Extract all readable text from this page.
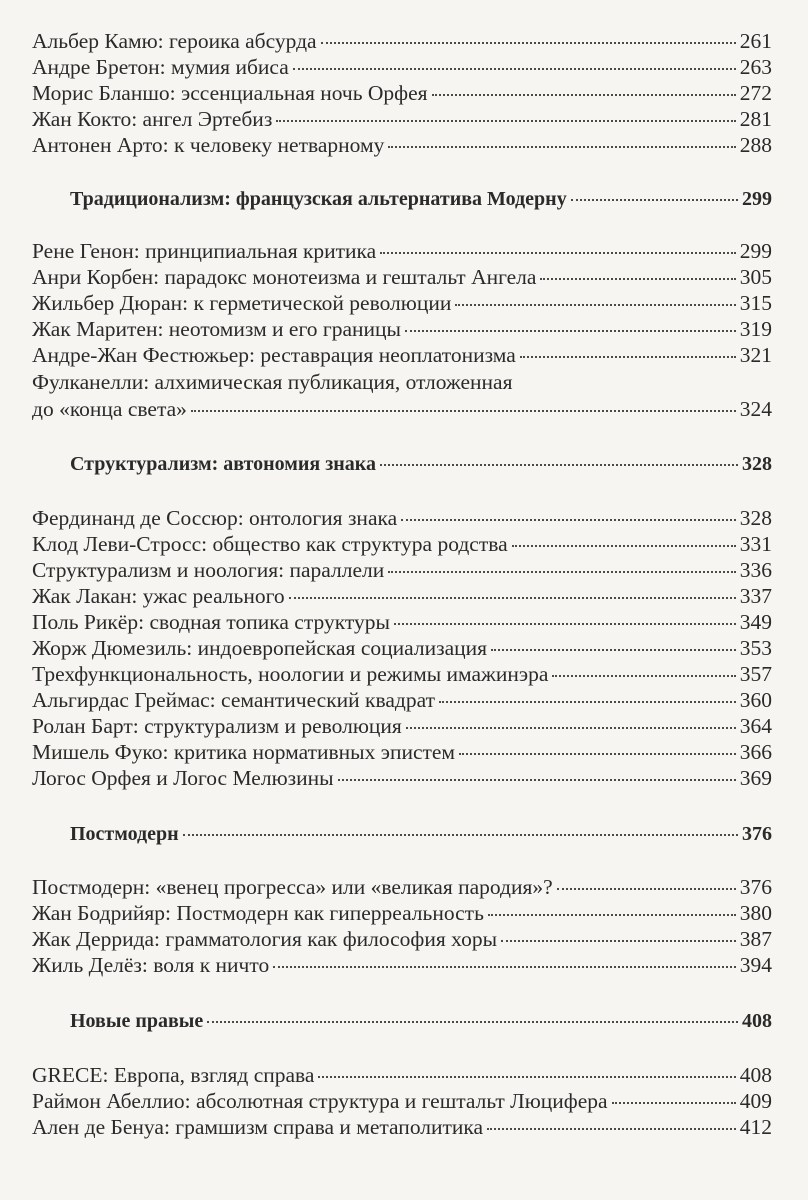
Альбер Камю: героика абсурда	261
Андре Бретон: мумия ибиса	263
Морис Бланшо: эссенциальная ночь Орфея	272
Жан Кокто: ангел Эртебиз	281
Антонен Арто: к человеку нетварному	288
Традиционализм: французская альтернатива Модерну	299
Рене Генон: принципиальная критика	299
Анри Корбен: парадокс монотеизма и гештальт Ангела	305
Жильбер Дюран: к герметической революции	315
Жак Маритен: неотомизм и его границы	319
Андре-Жан Фестюжьер: реставрация неоплатонизма	321
Фулканелли: алхимическая публикация, отложенная
до «конца света»	324
Структурализм: автономия знака	328
Фердинанд де Соссюр: онтология знака	328
Клод Леви-Стросс: общество как структура родства	331
Структурализм и ноология: параллели	336
Жак Лакан: ужас реального	337
Поль Рикёр: сводная топика структуры	349
Жорж Дюмезиль: индоевропейская социализация	353
Трехфункциональность, ноологии и режимы имажинэра	357
Альгирдас Греймас: семантический квадрат	360
Ролан Барт: структурализм и революция	364
Мишель Фуко: критика нормативных эпистем	366
Логос Орфея и Логос Мелюзины	369
Постмодерн	376
Постмодерн: «венец прогресса» или «великая пародия»?	376
Жан Бодрийяр: Постмодерн как гиперреальность	380
Жак Деррида: грамматология как философия хоры	387
Жиль Делёз: воля к ничто	394
Новые правые	408
GRECE: Европа, взгляд справа	408
Раймон Абеллио: абсолютная структура и гештальт Люцифера	409
Ален де Бенуа: грамшизм справа и метаполитика	412
